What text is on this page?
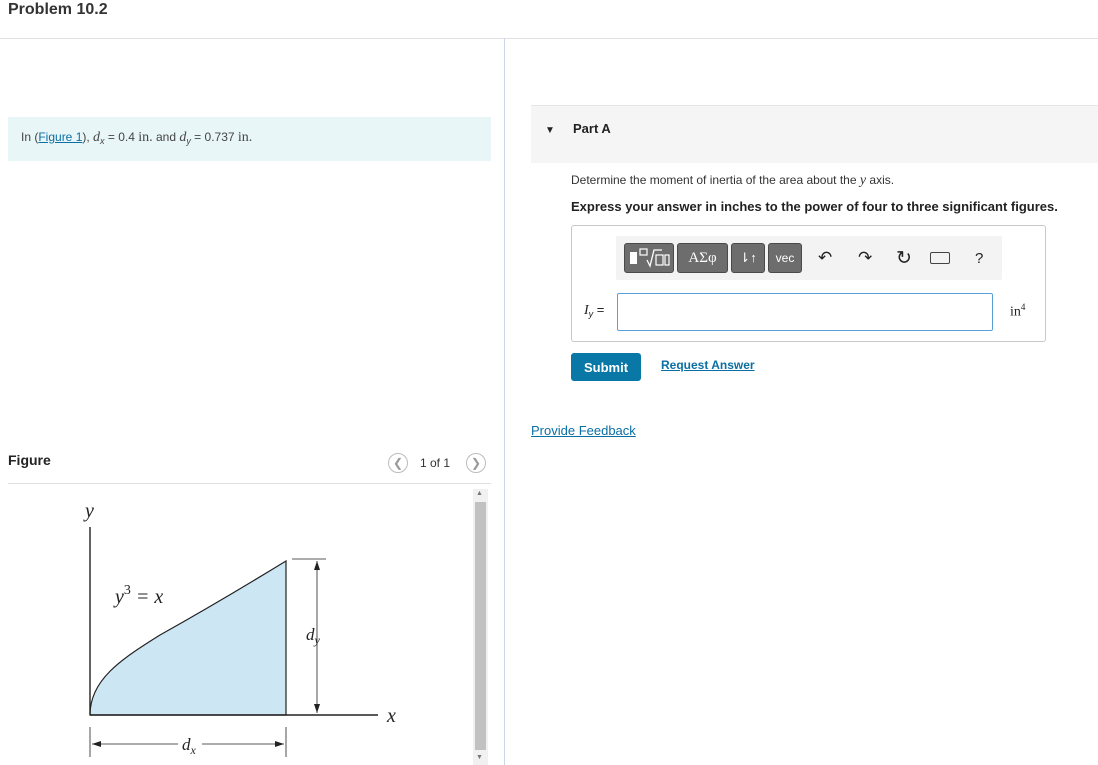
Problem 10.2
In (Figure 1), $d_x = 0.4$ in. and $d_y = 0.737$ in.
Figure	❮ 1 of 1 ❯
▲
▼
y
x
$y^3 = x$
$d_y$
$d_x$
▼ Part A
Determine the moment of inertia of the area about the y axis.
Express your answer in inches to the power of four to three significant figures.
ΑΣφ	⇂↑	vec	↶ ↷ ↻	?
$I_y$ =	$in^4$
Submit	Request Answer
Provide Feedback
